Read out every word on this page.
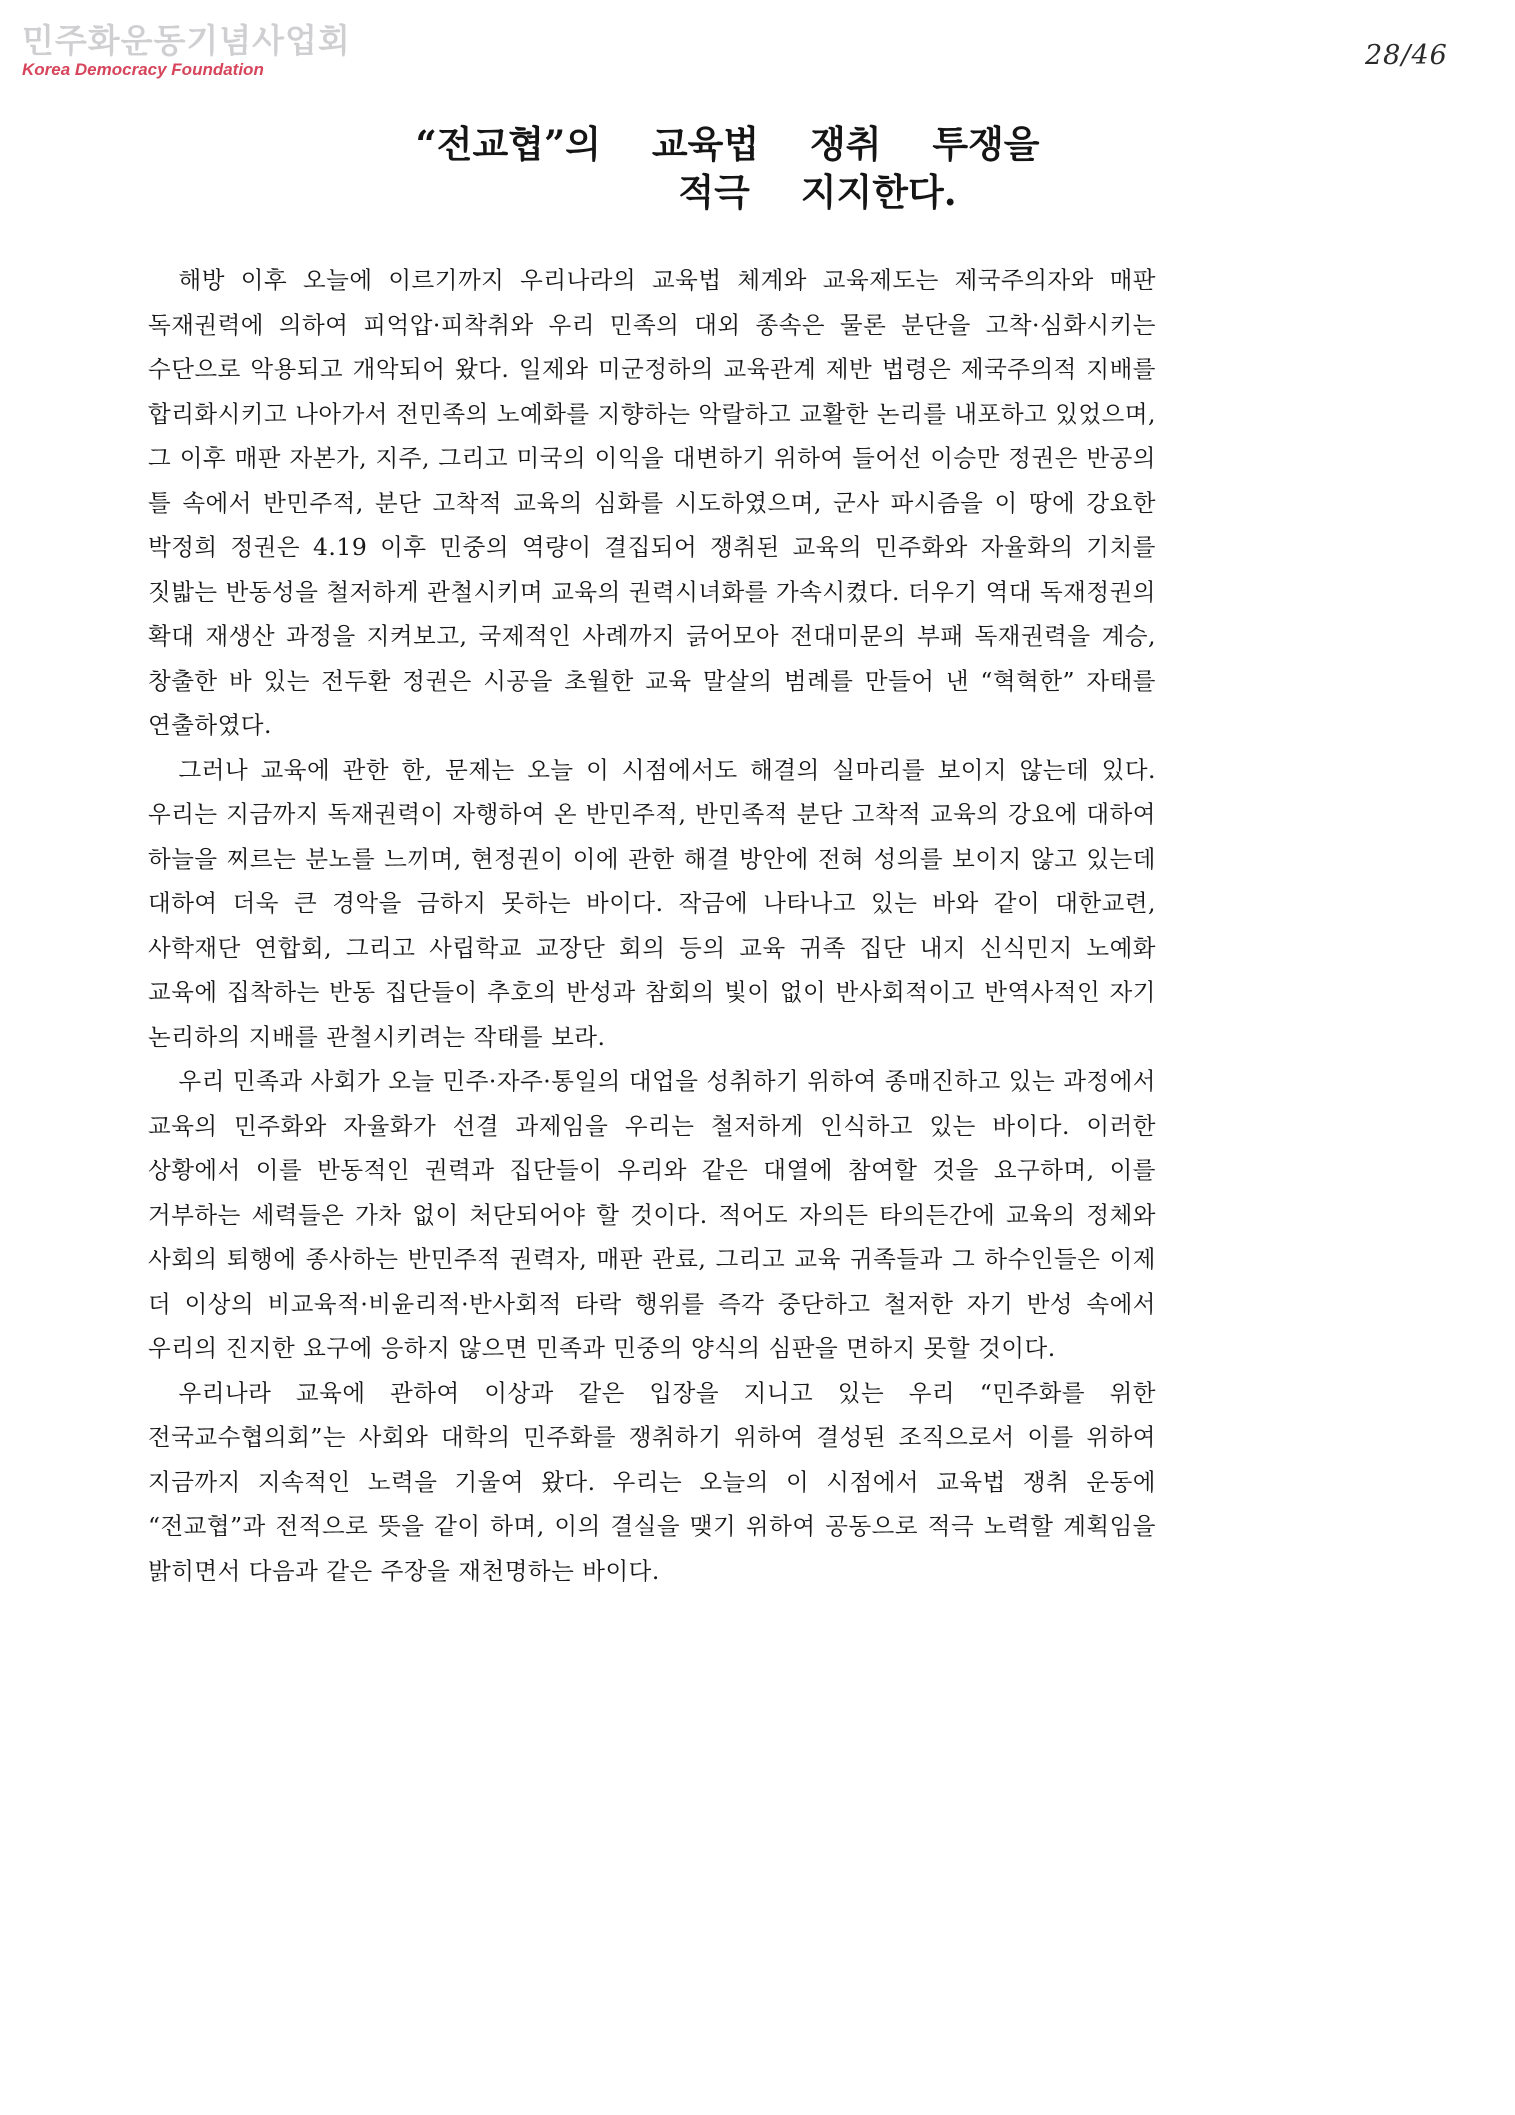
민주화운동기념사업회
Korea Democracy Foundation	28/46
“전교협”의 교육법 쟁취 투쟁을
적극 지지한다.

해방 이후 오늘에 이르기까지 우리나라의 교육법 체계와 교육제도는 제국주의자와 매판 독재권력에 의하여 피억압·피착취와 우리 민족의 대외 종속은 물론 분단을 고착·심화시키는 수단으로 악용되고 개악되어 왔다. 일제와 미군정하의 교육관계 제반 법령은 제국주의적 지배를 합리화시키고 나아가서 전민족의 노예화를 지향하는 악랄하고 교활한 논리를 내포하고 있었으며, 그 이후 매판 자본가, 지주, 그리고 미국의 이익을 대변하기 위하여 들어선 이승만 정권은 반공의 틀 속에서 반민주적, 분단 고착적 교육의 심화를 시도하였으며, 군사 파시즘을 이 땅에 강요한 박정희 정권은 4.19 이후 민중의 역량이 결집되어 쟁취된 교육의 민주화와 자율화의 기치를 짓밟는 반동성을 철저하게 관철시키며 교육의 권력시녀화를 가속시켰다. 더우기 역대 독재정권의 확대 재생산 과정을 지켜보고, 국제적인 사례까지 긁어모아 전대미문의 부패 독재권력을 계승, 창출한 바 있는 전두환 정권은 시공을 초월한 교육 말살의 범례를 만들어 낸 “혁혁한” 자태를 연출하였다.

그러나 교육에 관한 한, 문제는 오늘 이 시점에서도 해결의 실마리를 보이지 않는데 있다. 우리는 지금까지 독재권력이 자행하여 온 반민주적, 반민족적 분단 고착적 교육의 강요에 대하여 하늘을 찌르는 분노를 느끼며, 현정권이 이에 관한 해결 방안에 전혀 성의를 보이지 않고 있는데 대하여 더욱 큰 경악을 금하지 못하는 바이다. 작금에 나타나고 있는 바와 같이 대한교련, 사학재단 연합회, 그리고 사립학교 교장단 회의 등의 교육 귀족 집단 내지 신식민지 노예화 교육에 집착하는 반동 집단들이 추호의 반성과 참회의 빛이 없이 반사회적이고 반역사적인 자기 논리하의 지배를 관철시키려는 작태를 보라.

우리 민족과 사회가 오늘 민주·자주·통일의 대업을 성취하기 위하여 종매진하고 있는 과정에서 교육의 민주화와 자율화가 선결 과제임을 우리는 철저하게 인식하고 있는 바이다. 이러한 상황에서 이를 반동적인 권력과 집단들이 우리와 같은 대열에 참여할 것을 요구하며, 이를 거부하는 세력들은 가차 없이 처단되어야 할 것이다. 적어도 자의든 타의든간에 교육의 정체와 사회의 퇴행에 종사하는 반민주적 권력자, 매판 관료, 그리고 교육 귀족들과 그 하수인들은 이제 더 이상의 비교육적·비윤리적·반사회적 타락 행위를 즉각 중단하고 철저한 자기 반성 속에서 우리의 진지한 요구에 응하지 않으면 민족과 민중의 양식의 심판을 면하지 못할 것이다.

우리나라 교육에 관하여 이상과 같은 입장을 지니고 있는 우리 “민주화를 위한 전국교수협의회”는 사회와 대학의 민주화를 쟁취하기 위하여 결성된 조직으로서 이를 위하여 지금까지 지속적인 노력을 기울여 왔다. 우리는 오늘의 이 시점에서 교육법 쟁취 운동에 “전교협”과 전적으로 뜻을 같이 하며, 이의 결실을 맺기 위하여 공동으로 적극 노력할 계획임을 밝히면서 다음과 같은 주장을 재천명하는 바이다.
